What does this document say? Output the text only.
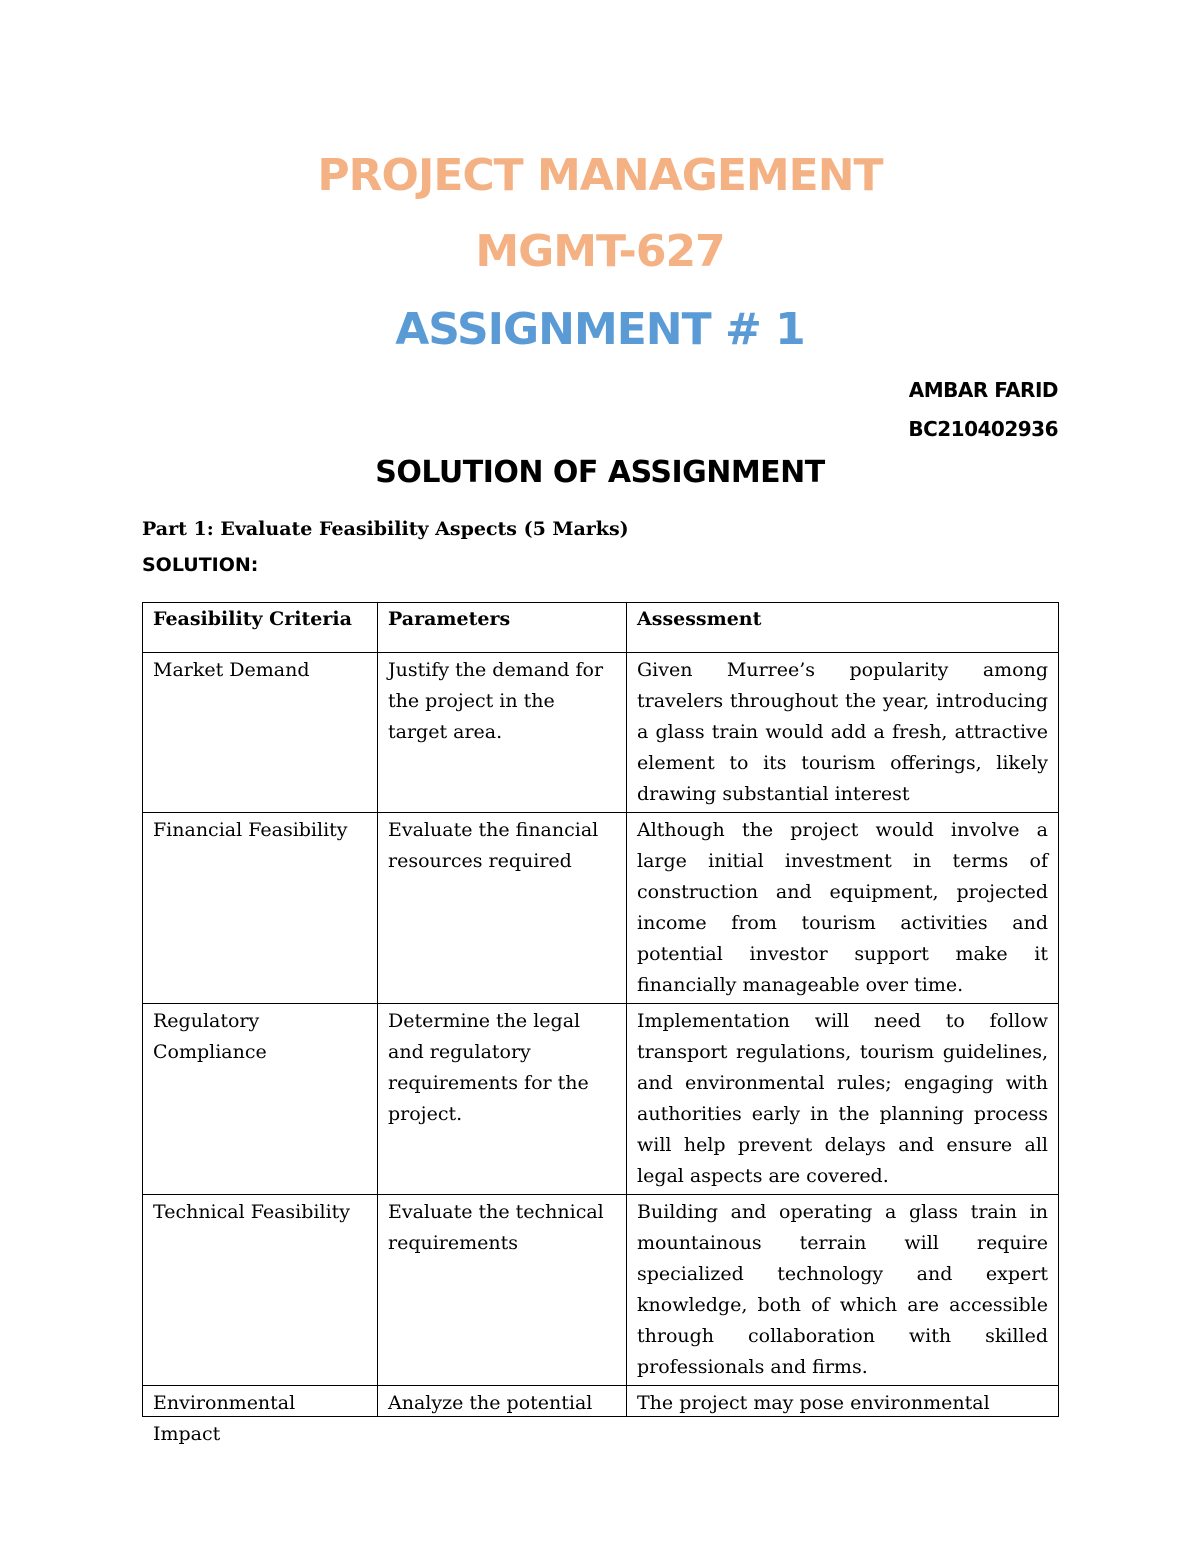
PROJECT MANAGEMENT
MGMT-627
ASSIGNMENT # 1
AMBAR FARID
BC210402936
SOLUTION OF ASSIGNMENT
Part 1: Evaluate Feasibility Aspects (5 Marks)
SOLUTION:
Feasibility Criteria	Parameters	Assessment
Market Demand	Justify the demand for the project in the target area.	Given Murree’s popularity among travelers throughout the year, introducing a glass train would add a fresh, attractive element to its tourism offerings, likely drawing substantial interest
Financial Feasibility	Evaluate the financial resources required	Although the project would involve a large initial investment in terms of construction and equipment, projected income from tourism activities and potential investor support make it financially manageable over time.
Regulatory Compliance	Determine the legal and regulatory requirements for the project.	Implementation will need to follow transport regulations, tourism guidelines, and environmental rules; engaging with authorities early in the planning process will help prevent delays and ensure all legal aspects are covered.
Technical Feasibility	Evaluate the technical requirements	Building and operating a glass train in mountainous terrain will require specialized technology and expert knowledge, both of which are accessible through collaboration with skilled professionals and firms.

Environmental Impact	Analyze the potential	The project may pose environmental
